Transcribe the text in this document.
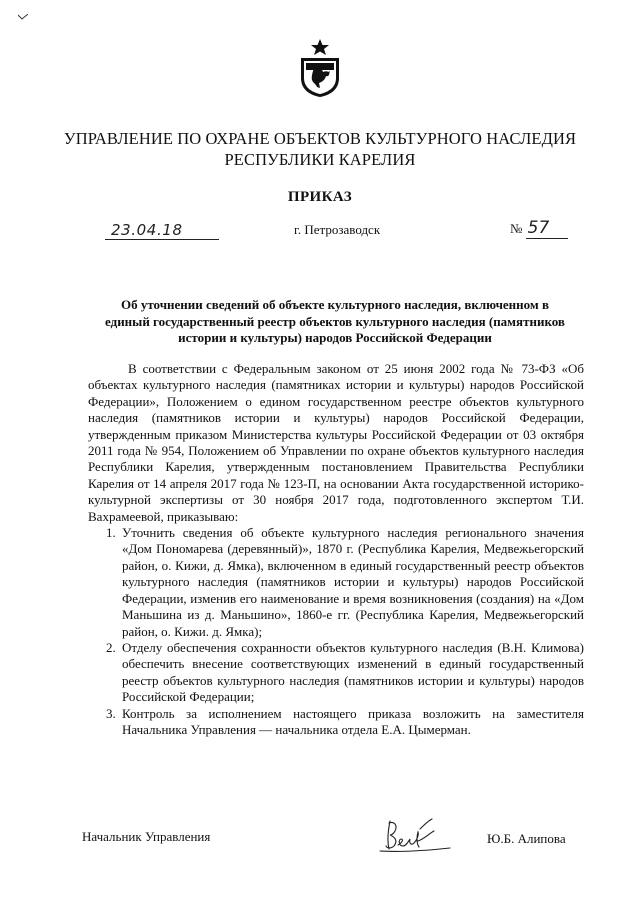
УПРАВЛЕНИЕ ПО ОХРАНЕ ОБЪЕКТОВ КУЛЬТУРНОГО НАСЛЕДИЯ
РЕСПУБЛИКИ КАРЕЛИЯ
ПРИКАЗ
23.04.18	г. Петрозаводск	№ 57
Об уточнении сведений об объекте культурного наследия, включенном в единый государственный реестр объектов культурного наследия (памятников истории и культуры) народов Российской Федерации

В соответствии с Федеральным законом от 25 июня 2002 года № 73-ФЗ «Об объектах культурного наследия (памятниках истории и культуры) народов Российской Федерации», Положением о едином государственном реестре объектов культурного наследия (памятников истории и культуры) народов Российской Федерации, утвержденным приказом Министерства культуры Российской Федерации от 03 октября 2011 года № 954, Положением об Управлении по охране объектов культурного наследия Республики Карелия, утвержденным постановлением Правительства Республики Карелия от 14 апреля 2017 года № 123-П, на основании Акта государственной историко-культурной экспертизы от 30 ноября 2017 года, подготовленного экспертом Т.И. Вахрамеевой, приказываю:

1. Уточнить сведения об объекте культурного наследия регионального значения «Дом Пономарева (деревянный)», 1870 г. (Республика Карелия, Медвежьегорский район, о. Кижи, д. Ямка), включенном в единый государственный реестр объектов культурного наследия (памятников истории и культуры) народов Российской Федерации, изменив его наименование и время возникновения (создания) на «Дом Маньшина из д. Маньшино», 1860-е гг. (Республика Карелия, Медвежьегорский район, о. Кижи. д. Ямка);
2. Отделу обеспечения сохранности объектов культурного наследия (В.Н. Климова) обеспечить внесение соответствующих изменений в единый государственный реестр объектов культурного наследия (памятников истории и культуры) народов Российской Федерации;
3. Контроль за исполнением настоящего приказа возложить на заместителя Начальника Управления — начальника отдела Е.А. Цымерман.
Начальник Управления	Ю.Б. Алипова
